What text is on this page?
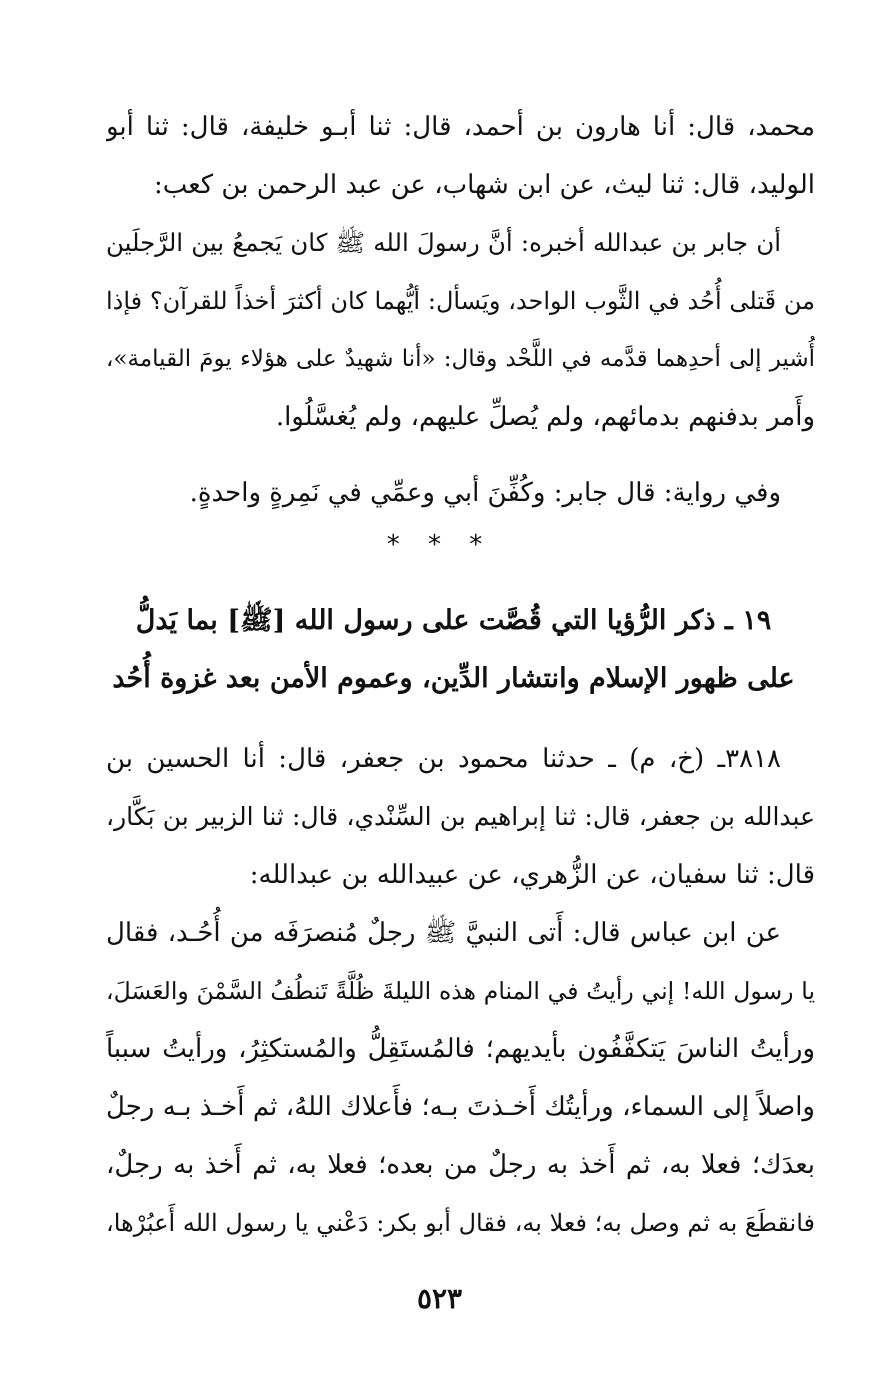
محمد، قال: أنا هارون بن أحمد، قال: ثنا أبـو خليفة، قال: ثنا أبو
الوليد، قال: ثنا ليث، عن ابن شهاب، عن عبد الرحمن بن كعب:
أن جابر بن عبدالله أخبره: أنَّ رسولَ الله ﷺ كان يَجمعُ بين الرَّجلَين
من قَتلى أُحُد في الثَّوب الواحد، ويَسأل: أيُّهما كان أكثرَ أخذاً للقرآن؟ فإذا
أُشير إلى أحدِهما قدَّمه في اللَّحْد وقال: «أنا شهيدٌ على هؤلاء يومَ القيامة»،
وأَمر بدفنهم بدمائهم، ولم يُصلِّ عليهم، ولم يُغسَّلُوا.
وفي رواية: قال جابر: وكُفِّنَ أبي وعمِّي في نَمِرةٍ واحدةٍ.
* * *
١٩ ـ ذكر الرُّؤيا التي قُصَّت على رسول الله [ﷺ] بما يَدلُّ
على ظهور الإسلام وانتشار الدِّين، وعموم الأمن بعد غزوة أُحُد
٣٨١٨ـ (خ، م) ـ حدثنا محمود بن جعفر، قال: أنا الحسين بن
عبدالله بن جعفر، قال: ثنا إبراهيم بن السِّنْدي، قال: ثنا الزبير بن بَكَّار،
قال: ثنا سفيان، عن الزُّهري، عن عبيدالله بن عبدالله:
عن ابن عباس قال: أَتى النبيَّ ﷺ رجلٌ مُنصرَفَه من أُحُـد، فقال
يا رسول الله! إني رأيتُ في المنام هذه الليلةَ ظُلَّةً تَنطُفُ السَّمْنَ والعَسَلَ،
ورأيتُ الناسَ يَتكفَّفُون بأيديهم؛ فالمُستَقِلُّ والمُستكثِرُ، ورأيتُ سبباً
واصلاً إلى السماء، ورأيتُك أَخـذتَ بـه؛ فأَعلاك اللهُ، ثم أَخـذ بـه رجلٌ
بعدَك؛ فعلا به، ثم أَخذ به رجلٌ من بعده؛ فعلا به، ثم أَخذ به رجلٌ،
فانقطَعَ به ثم وصل به؛ فعلا به، فقال أبو بكر: دَعْني يا رسول الله أَعبُرْها،
٥٢٣
